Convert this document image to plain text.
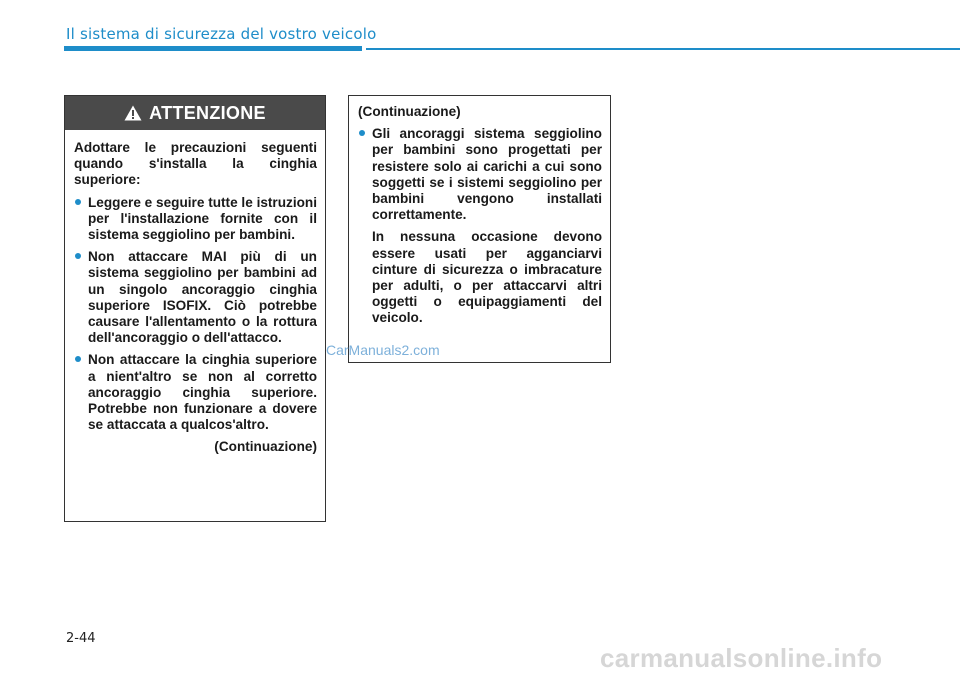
Il sistema di sicurezza del vostro veicolo
ATTENZIONE
Adottare le precauzioni seguenti quando s'installa la cinghia superiore:
Leggere e seguire tutte le istruzioni per l'installazione fornite con il sistema seggiolino per bambini.
Non attaccare MAI più di un sistema seggiolino per bambini ad un singolo ancoraggio cinghia superiore ISOFIX. Ciò potrebbe causare l'allentamento o la rottura dell'ancoraggio o dell'attacco.
Non attaccare la cinghia superiore a nient'altro se non al corretto ancoraggio cinghia superiore. Potrebbe non funzionare a dovere se attaccata a qualcos'altro.
(Continuazione)
(Continuazione)
Gli ancoraggi sistema seggiolino per bambini sono progettati per resistere solo ai carichi a cui sono soggetti se i sistemi seggiolino per bambini vengono installati correttamente.
In nessuna occasione devono essere usati per agganciarvi cinture di sicurezza o imbracature per adulti, o per attaccarvi altri oggetti o equipaggiamenti del veicolo.
CarManuals2.com
2-44
carmanualsonline.info
